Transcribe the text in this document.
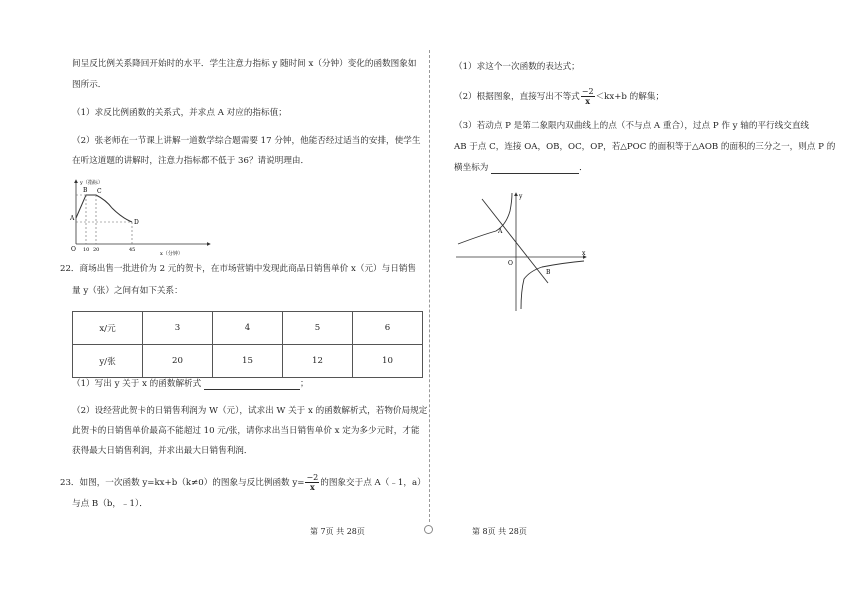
间呈反比例关系降回开始时的水平．学生注意力指标 y 随时间 x（分钟）变化的函数图象如
图所示．
（1）求反比例函数的关系式，并求点 A 对应的指标值；
（2）张老师在一节课上讲解一道数学综合题需要 17 分钟，他能否经过适当的安排，使学生
在听这道题的讲解时，注意力指标都不低于 36？请说明理由．
y（指标）
x（分钟）
B C
D
A
O 10 20	45
22．商场出售一批进价为 2 元的贺卡，在市场营销中发现此商品日销售单价 x（元）与日销售
量 y（张）之间有如下关系：
x/元	3	4	5	6
y/张	20	15	12	10
（1）写出 y 关于 x 的函数解析式	；
（2）设经营此贺卡的日销售利润为 W（元），试求出 W 关于 x 的函数解析式，若物价局规定
此贺卡的日销售单价最高不能超过 10 元/张，请你求出当日销售单价 x 定为多少元时，才能
获得最大日销售利润，并求出最大日销售利润．
23．如图，一次函数 y=kx+b（k≠0）的图象与反比例函数 $y= \frac{-2}{x}$ 的图象交于点 A（﹣1，a）
与点 B（b，﹣1）．
第 7页 共 28页
（1）求这个一次函数的表达式；
（2）根据图象，直接写出不等式 $\frac{-2}{x} <kx+b$ 的解集；
（3）若动点 P 是第二象限内双曲线上的点（不与点 A 重合），过点 P 作 y 轴的平行线交直线
AB 于点 C，连接 OA，OB，OC，OP，若△POC 的面积等于△AOB 的面积的三分之一，则点 P 的
横坐标为	．
y
x
A
B
O
第 8页 共 28页
